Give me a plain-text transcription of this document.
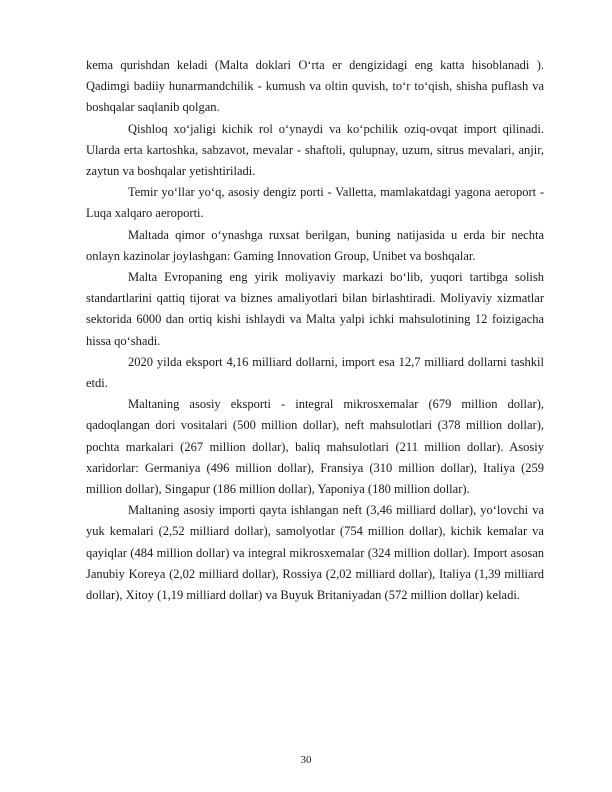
kema qurishdan keladi (Malta doklari O‘rta er dengizidagi eng katta hisoblanadi ). Qadimgi badiiy hunarmandchilik - kumush va oltin quvish, to‘r to‘qish, shisha puflash va boshqalar saqlanib qolgan.

Qishloq xo‘jaligi kichik rol o‘ynaydi va ko‘pchilik oziq-ovqat import qilinadi. Ularda erta kartoshka, sabzavot, mevalar - shaftoli, qulupnay, uzum, sitrus mevalari, anjir, zaytun va boshqalar yetishtiriladi.

Temir yo‘llar yo‘q, asosiy dengiz porti - Valletta, mamlakatdagi yagona aeroport - Luqa xalqaro aeroporti.

Maltada qimor o‘ynashga ruxsat berilgan, buning natijasida u erda bir nechta onlayn kazinolar joylashgan: Gaming Innovation Group, Unibet va boshqalar.

Malta Evropaning eng yirik moliyaviy markazi bo‘lib, yuqori tartibga solish standartlarini qattiq tijorat va biznes amaliyotlari bilan birlashtiradi. Moliyaviy xizmatlar sektorida 6000 dan ortiq kishi ishlaydi va Malta yalpi ichki mahsulotining 12 foizigacha hissa qo‘shadi.

2020 yilda eksport 4,16 milliard dollarni, import esa 12,7 milliard dollarni tashkil etdi.

Maltaning asosiy eksporti - integral mikrosxemalar (679 million dollar), qadoqlangan dori vositalari (500 million dollar), neft mahsulotlari (378 million dollar), pochta markalari (267 million dollar), baliq mahsulotlari (211 million dollar). Asosiy xaridorlar: Germaniya (496 million dollar), Fransiya (310 million dollar), Italiya (259 million dollar), Singapur (186 million dollar), Yaponiya (180 million dollar).

Maltaning asosiy importi qayta ishlangan neft (3,46 milliard dollar), yo‘lovchi va yuk kemalari (2,52 milliard dollar), samolyotlar (754 million dollar), kichik kemalar va qayiqlar (484 million dollar) va integral mikrosxemalar (324 million dollar). Import asosan Janubiy Koreya (2,02 milliard dollar), Rossiya (2,02 milliard dollar), Italiya (1,39 milliard dollar), Xitoy (1,19 milliard dollar) va Buyuk Britaniyadan (572 million dollar) keladi.

30
